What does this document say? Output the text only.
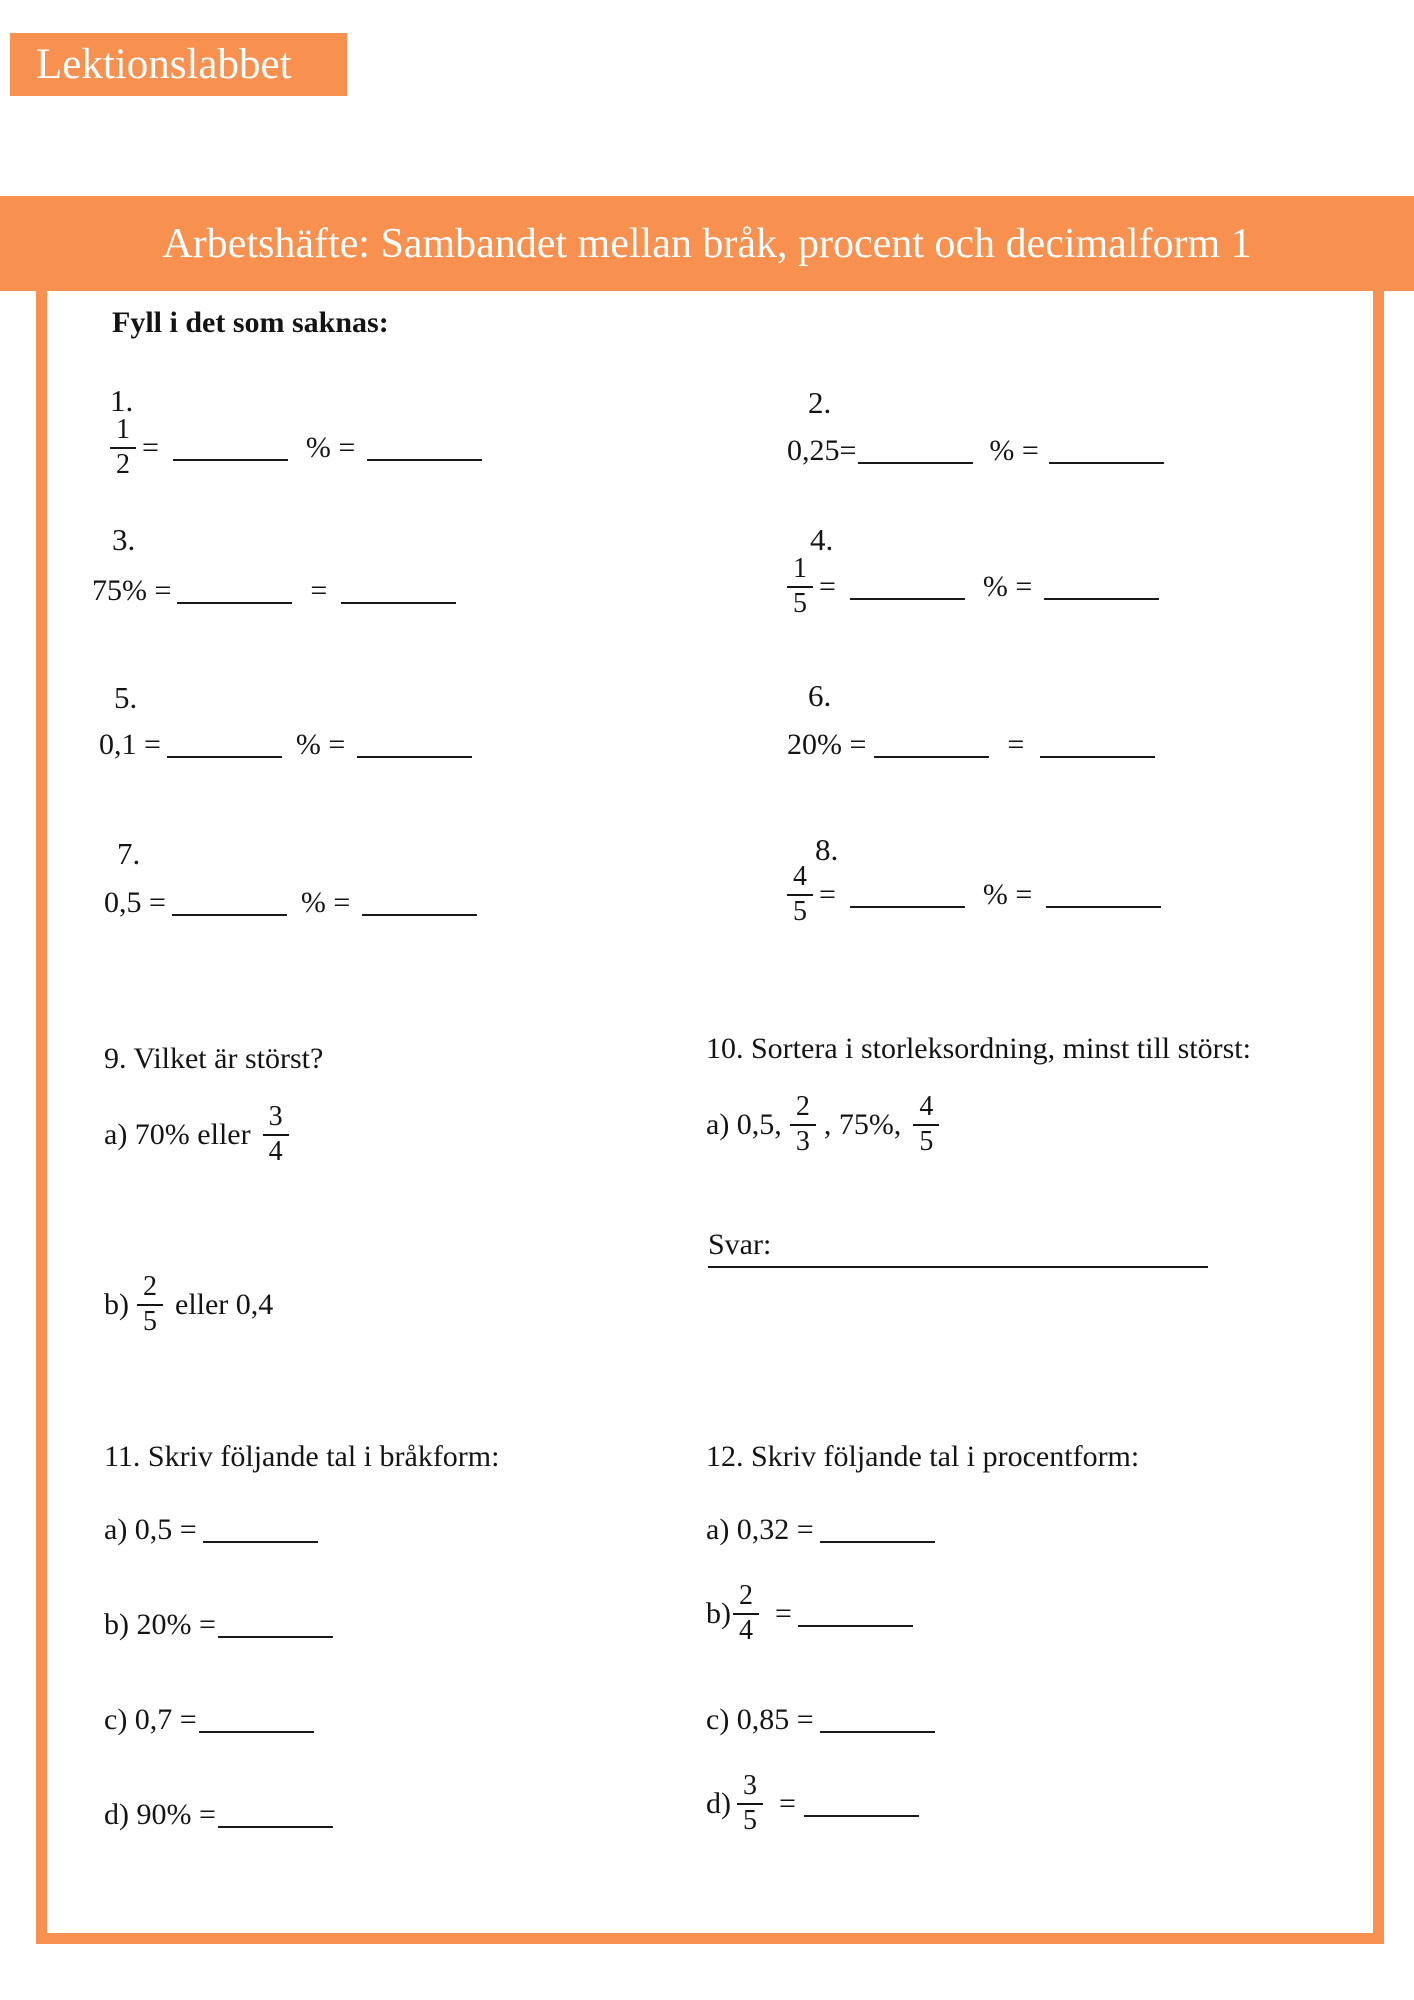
Lektionslabbet
Arbetshäfte: Sambandet mellan bråk, procent och decimalform 1
Fyll i det som saknas:
1.
$\frac{1}{2}$ =	% =
2.
0,25=	% =
3.
75% =	=
4.
$\frac{1}{5}$ =	% =
5.
0,1 =	% =
6.
20% =	=
7.
0,5 =	% =
8.
$\frac{4}{5}$ =	% =
9. Vilket är störst?
a) 70% eller $\frac{3}{4}$
$b) \frac{2}{5}$ eller 0,4
10. Sortera i storleksordning, minst till störst:
a) 0,5, $\frac{2}{3}$ , 75%, $\frac{4}{5}$
Svar:
11. Skriv följande tal i bråkform:
a) 0,5 =
b) 20% =
c) 0,7 =
d) 90% =
12. Skriv följande tal i procentform:
a) 0,32 =
$b) \frac{2}{4}$ =
c) 0,85 =
$d) \frac{3}{5}$ =
